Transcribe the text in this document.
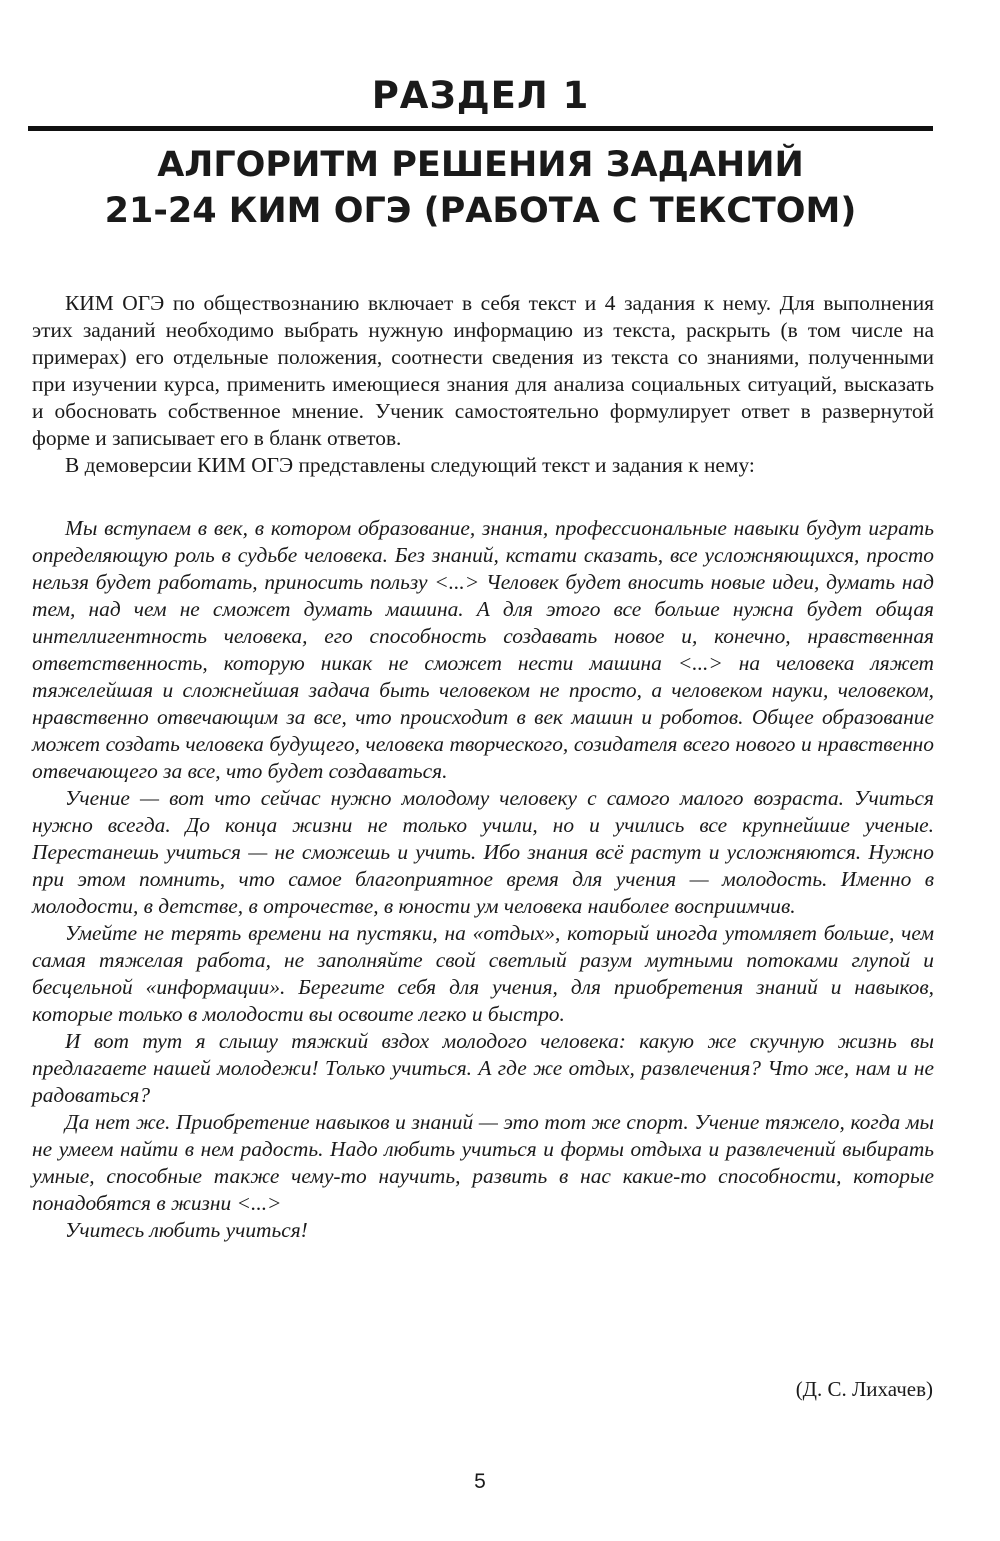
РАЗДЕЛ 1
АЛГОРИТМ РЕШЕНИЯ ЗАДАНИЙ
21-24 КИМ ОГЭ (РАБОТА С ТЕКСТОМ)

КИМ ОГЭ по обществознанию включает в себя текст и 4 задания к нему. Для выполнения этих заданий необходимо выбрать нужную информацию из текста, раскрыть (в том числе на примерах) его отдельные положения, соотнести сведения из текста со знаниями, полученными при изучении курса, применить имеющиеся знания для анализа социальных ситуаций, высказать и обосновать собственное мнение. Ученик самостоятельно формулирует ответ в развернутой форме и записывает его в бланк ответов.

В демоверсии КИМ ОГЭ представлены следующий текст и задания к нему:

Мы вступаем в век, в котором образование, знания, профессиональные навыки будут играть определяющую роль в судьбе человека. Без знаний, кстати сказать, все усложняющихся, просто нельзя будет работать, приносить пользу <...> Человек будет вносить новые идеи, думать над тем, над чем не сможет думать машина. А для этого все больше нужна будет общая интеллигентность человека, его способность создавать новое и, конечно, нравственная ответственность, которую никак не сможет нести машина <...> на человека ляжет тяжелейшая и сложнейшая задача быть человеком не просто, а человеком науки, человеком, нравственно отвечающим за все, что происходит в век машин и роботов. Общее образование может создать человека будущего, человека творческого, созидателя всего нового и нравственно отвечающего за все, что будет создаваться.

Учение — вот что сейчас нужно молодому человеку с самого малого возраста. Учиться нужно всегда. До конца жизни не только учили, но и учились все крупнейшие ученые. Перестанешь учиться — не сможешь и учить. Ибо знания всё растут и усложняются. Нужно при этом помнить, что самое благоприятное время для учения — молодость. Именно в молодости, в детстве, в отрочестве, в юности ум человека наиболее восприимчив.

Умейте не терять времени на пустяки, на «отдых», который иногда утомляет больше, чем самая тяжелая работа, не заполняйте свой светлый разум мутными потоками глупой и бесцельной «информации». Берегите себя для учения, для приобретения знаний и навыков, которые только в молодости вы освоите легко и быстро.

И вот тут я слышу тяжкий вздох молодого человека: какую же скучную жизнь вы предлагаете нашей молодежи! Только учиться. А где же отдых, развлечения? Что же, нам и не радоваться?

Да нет же. Приобретение навыков и знаний — это тот же спорт. Учение тяжело, когда мы не умеем найти в нем радость. Надо любить учиться и формы отдыха и развлечений выбирать умные, способные также чему-то научить, развить в нас какие-то способности, которые понадобятся в жизни <...>

Учитесь любить учиться!

(Д. С. Лихачев)
5
